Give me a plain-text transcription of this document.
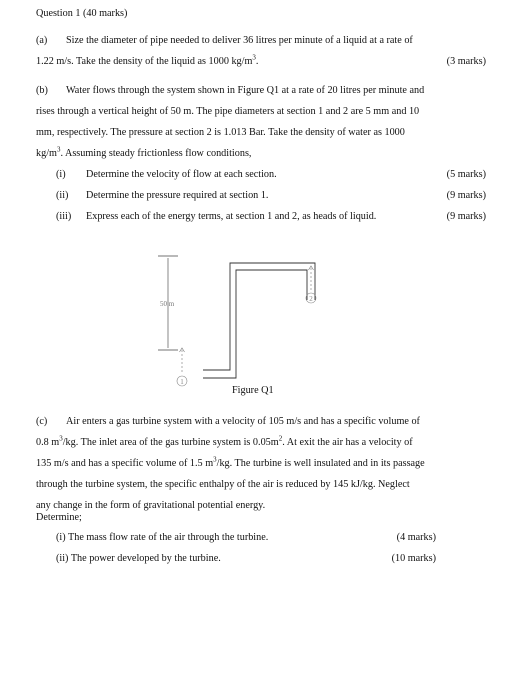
Question 1 (40 marks)
(a) Size the diameter of pipe needed to deliver 36 litres per minute of a liquid at a rate of
1.22 m/s. Take the density of the liquid as 1000 $kg/m^3$.	(3 marks)
(b) Water flows through the system shown in Figure Q1 at a rate of 20 litres per minute and
rises through a vertical height of 50 m. The pipe diameters at section 1 and 2 are 5 mm and 10
mm, respectively. The pressure at section 2 is 1.013 Bar. Take the density of water as 1000
$kg/m^3$. Assuming steady frictionless flow conditions,
(i) Determine the velocity of flow at each section.	(5 marks)
(ii) Determine the pressure required at section 1.	(9 marks)
(iii) Express each of the energy terms, at section 1 and 2, as heads of liquid.	(9 marks)
50 m
2
1
Figure Q1
(c) Air enters a gas turbine system with a velocity of 105 m/s and has a specific volume of
0.8 $m^3/kg$. The inlet area of the gas turbine system is $0.05m^2$. At exit the air has a velocity of
135 m/s and has a specific volume of 1.5 $m^3/kg$. The turbine is well insulated and in its passage
through the turbine system, the specific enthalpy of the air is reduced by 145 kJ/kg. Neglect
any change in the form of gravitational potential energy.
Determine;
(i) The mass flow rate of the air through the turbine.	(4 marks)
(ii) The power developed by the turbine.	(10 marks)
